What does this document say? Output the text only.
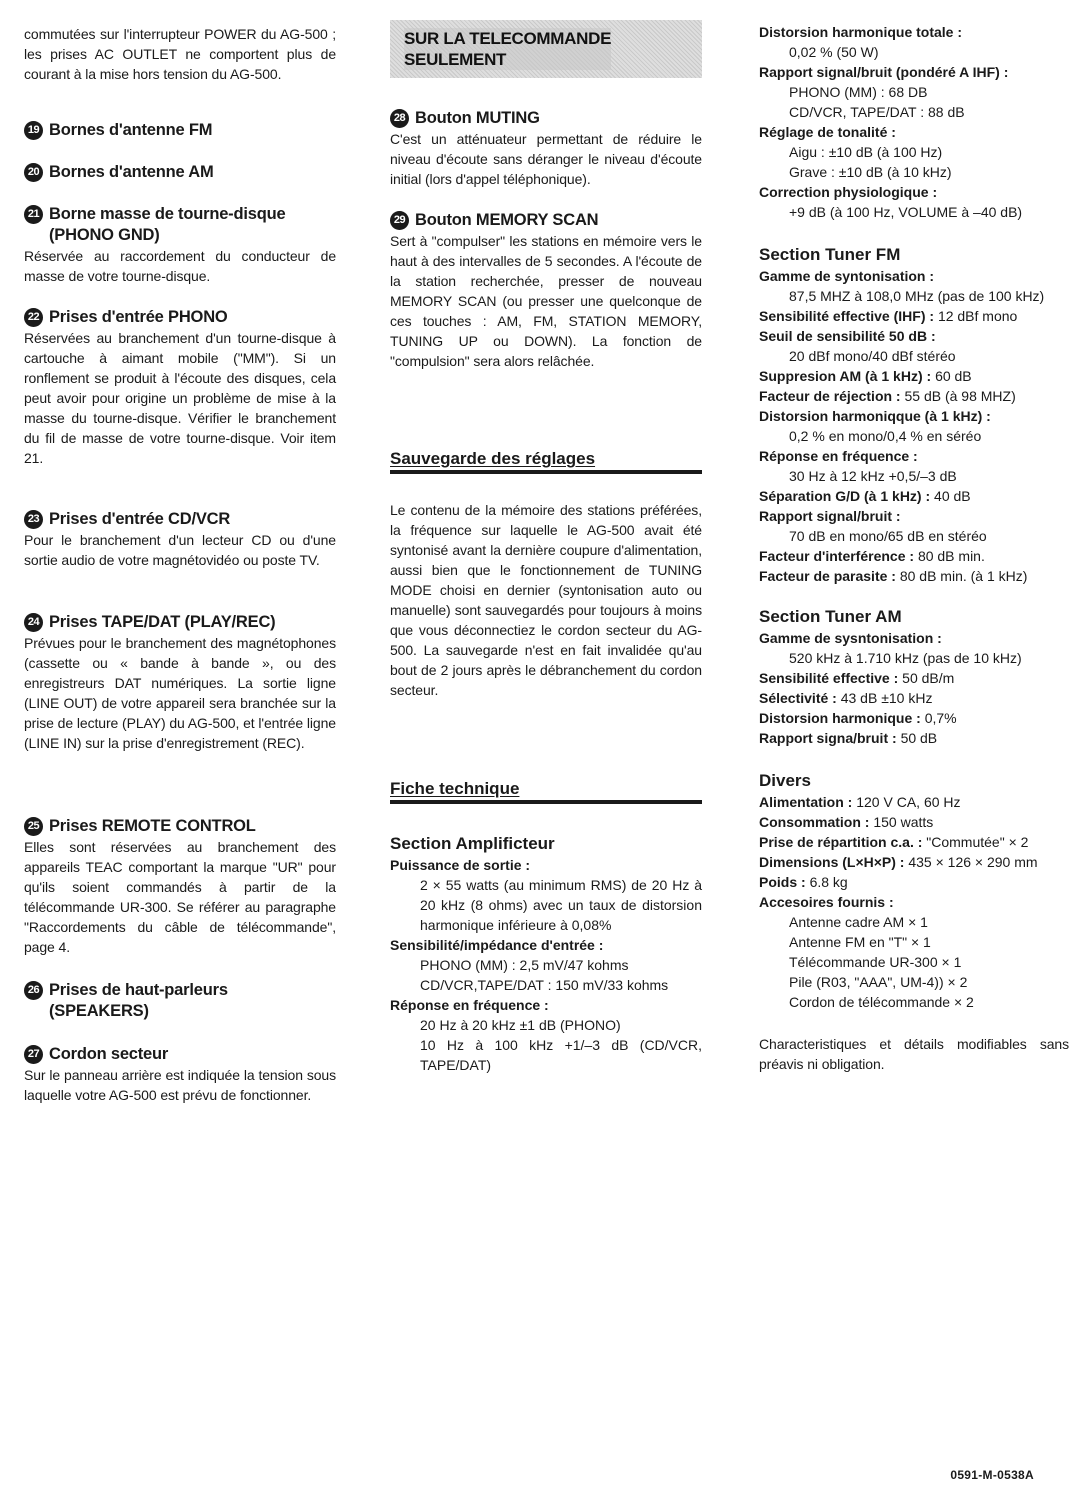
commutées sur l'interrupteur POWER du AG-500 ; les prises AC OUTLET ne comportent plus de courant à la mise hors tension du AG-500.

19 Bornes d'antenne FM

20 Bornes d'antenne AM

21 Borne masse de tourne-disque

(PHONO GND)

Réservée au raccordement du conducteur de masse de votre tourne-disque.

22 Prises d'entrée PHONO

Réservées au branchement d'un tourne-disque à cartouche à aimant mobile ("MM"). Si un ronflement se produit à l'écoute des disques, cela peut avoir pour origine un problème de mise à la masse du tourne-disque. Vérifier le branchement du fil de masse de votre tourne-disque. Voir item 21.

23 Prises d'entrée CD/VCR

Pour le branchement d'un lecteur CD ou d'une sortie audio de votre magnétovidéo ou poste TV.

24 Prises TAPE/DAT (PLAY/REC)

Prévues pour le branchement des magnétophones (cassette ou « bande à bande », ou des enregistreurs DAT numériques. La sortie ligne (LINE OUT) de votre appareil sera branchée sur la prise de lecture (PLAY) du AG-500, et l'entrée ligne (LINE IN) sur la prise d'enregistrement (REC).

25 Prises REMOTE CONTROL

Elles sont réservées au branchement des appareils TEAC comportant la marque "UR" pour qu'ils soient commandés à partir de la télécommande UR-300. Se référer au paragraphe "Raccordements du câble de télécommande", page 4.

26 Prises de haut-parleurs

(SPEAKERS)

27 Cordon secteur

Sur le panneau arrière est indiquée la tension sous laquelle votre AG-500 est prévu de fonctionner.

SUR LA TELECOMMANDE
SEULEMENT

28 Bouton MUTING

C'est un atténuateur permettant de réduire le niveau d'écoute sans déranger le niveau d'écoute initial (lors d'appel téléphonique).

29 Bouton MEMORY SCAN

Sert à "compulser" les stations en mémoire vers le haut à des intervalles de 5 secondes. A l'écoute de la station recherchée, presser de nouveau MEMORY SCAN (ou presser une quelconque de ces touches : AM, FM, STATION MEMORY, TUNING UP ou DOWN). La fonction de "compulsion" sera alors relâchée.

Sauvegarde des réglages

Le contenu de la mémoire des stations préférées, la fréquence sur laquelle le AG-500 avait été syntonisé avant la dernière coupure d'alimentation, aussi bien que le fonctionnement de TUNING MODE choisi en dernier (syntonisation auto ou manuelle) sont sauvegardés pour toujours à moins que vous déconnectiez le cordon secteur du AG-500. La sauvegarde n'est en fait invalidée qu'au bout de 2 jours après le débranchement du cordon secteur.

Fiche technique

Section Amplificteur

Puissance de sortie :

2 × 55 watts (au minimum RMS) de 20 Hz à 20 kHz (8 ohms) avec un taux de distorsion harmonique inférieure à 0,08%

Sensibilité/impédance d'entrée :

PHONO (MM) : 2,5 mV/47 kohms

CD/VCR,TAPE/DAT : 150 mV/33 kohms

Réponse en fréquence :

20 Hz à 20 kHz ±1 dB (PHONO)

10 Hz à 100 kHz +1/–3 dB (CD/VCR, TAPE/DAT)

Distorsion harmonique totale :

0,02 % (50 W)

Rapport signal/bruit (pondéré A IHF) :

PHONO (MM) : 68 DB

CD/VCR, TAPE/DAT : 88 dB

Réglage de tonalité :

Aigu : ±10 dB (à 100 Hz)

Grave : ±10 dB (à 10 kHz)

Correction physiologique :

+9 dB (à 100 Hz, VOLUME à –40 dB)

Section Tuner FM

Gamme de syntonisation :

87,5 MHZ à 108,0 MHz (pas de 100 kHz)

Sensibilité effective (IHF) : 12 dBf mono

Seuil de sensibilité 50 dB :

20 dBf mono/40 dBf stéréo

Suppresion AM (à 1 kHz) : 60 dB

Facteur de réjection : 55 dB (à 98 MHZ)

Distorsion harmoniqque (à 1 kHz) :

0,2 % en mono/0,4 % en séréo

Réponse en fréquence :

30 Hz à 12 kHz +0,5/–3 dB

Séparation G/D (à 1 kHz) : 40 dB

Rapport signal/bruit :

70 dB en mono/65 dB en stéréo

Facteur d'interférence : 80 dB min.

Facteur de parasite : 80 dB min. (à 1 kHz)

Section Tuner AM

Gamme de sysntonisation :

520 kHz à 1.710 kHz (pas de 10 kHz)

Sensibilité effective : 50 dB/m

Sélectivité : 43 dB ±10 kHz

Distorsion harmonique : 0,7%

Rapport signa/bruit : 50 dB

Divers

Alimentation : 120 V CA, 60 Hz

Consommation : 150 watts

Prise de répartition c.a. : "Commutée" × 2

Dimensions (L×H×P) : 435 × 126 × 290 mm

Poids : 6.8 kg

Accesoires fournis :

Antenne cadre AM × 1

Antenne FM en "T" × 1

Télécommande UR-300 × 1

Pile (R03, "AAA", UM-4)) × 2

Cordon de télécommande × 2

Characteristiques et détails modifiables sans préavis ni obligation.

0591-M-0538A
